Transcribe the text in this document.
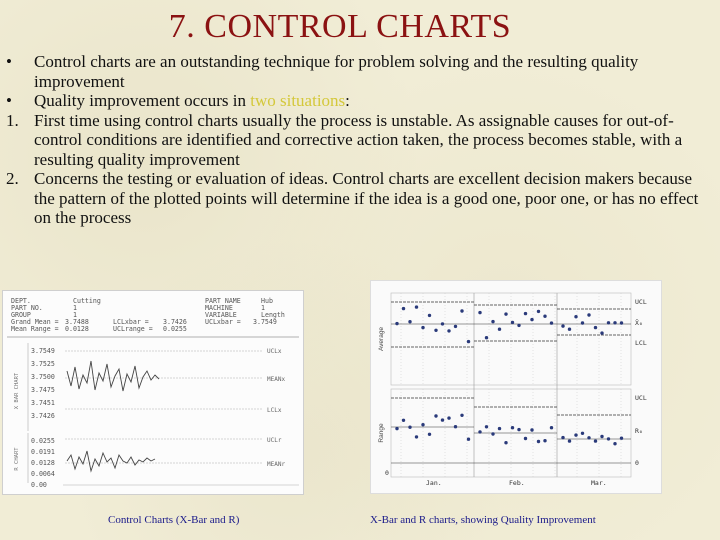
7. CONTROL CHARTS

• Control charts are an outstanding technique for problem solving and the resulting quality improvement

• Quality improvement occurs in two situations:

1. First time using control charts usually the process is unstable. As assignable causes for out-of-control conditions are identified and corrective action taken, the process becomes stable, with a resulting quality improvement

2. Concerns the testing or evaluation of ideas. Control charts are excellent decision makers because the pattern of the plotted points will determine if the idea is a good one, poor one, or has no effect on the process

DEPT.	Cutting
PART NO.	1
GROUP	1
Grand Mean = 3.7488	LCLxbar = 3.7426
Mean Range = 0.0128	UCLrange = 0.0255
PART NAME	Hub
MACHINE	1
VARIABLE	Length
UCLxbar = 3.7549
X BAR CHART
3.7549
3.7525
3.7500
3.7475
3.7451
3.7426
UCLx
MEANx
LCLx
R CHART
0.0255
0.0191
0.0128
0.0064
0.00
UCLr
MEANr
Average
Range
UCL
X̄₀
LCL
UCL
R₀
0
0
Jan.	Feb.	Mar.
Control Charts (X-Bar and R)	X-Bar and R charts, showing Quality Improvement
